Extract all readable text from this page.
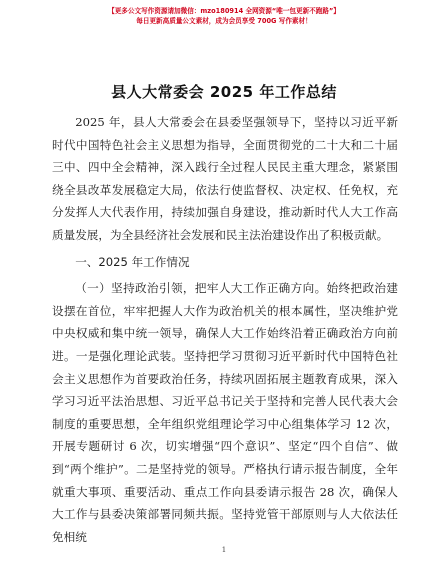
【更多公文写作资源请加微信：mzo180914 全网资源“唯一包更新不跑路”】
每日更新高质量公文素材，成为会员享受 700G 写作素材！
县人大常委会 2025 年工作总结

2025 年，县人大常委会在县委坚强领导下，坚持以习近平新时代中国特色社会主义思想为指导，全面贯彻党的二十大和二十届三中、四中全会精神，深入践行全过程人民民主重大理念，紧紧围绕全县改革发展稳定大局，依法行使监督权、决定权、任免权，充分发挥人大代表作用，持续加强自身建设，推动新时代人大工作高质量发展，为全县经济社会发展和民主法治建设作出了积极贡献。

一、2025 年工作情况

（一）坚持政治引领，把牢人大工作正确方向。始终把政治建设摆在首位，牢牢把握人大作为政治机关的根本属性，坚决维护党中央权威和集中统一领导，确保人大工作始终沿着正确政治方向前进。一是强化理论武装。坚持把学习贯彻习近平新时代中国特色社会主义思想作为首要政治任务，持续巩固拓展主题教育成果，深入学习习近平法治思想、习近平总书记关于坚持和完善人民代表大会制度的重要思想，全年组织党组理论学习中心组集体学习 12 次，开展专题研讨 6 次，切实增强“四个意识”、坚定“四个自信”、做到“两个维护”。二是坚持党的领导。严格执行请示报告制度，全年就重大事项、重要活动、重点工作向县委请示报告 28 次，确保人大工作与县委决策部署同频共振。坚持党管干部原则与人大依法任免相统

1
